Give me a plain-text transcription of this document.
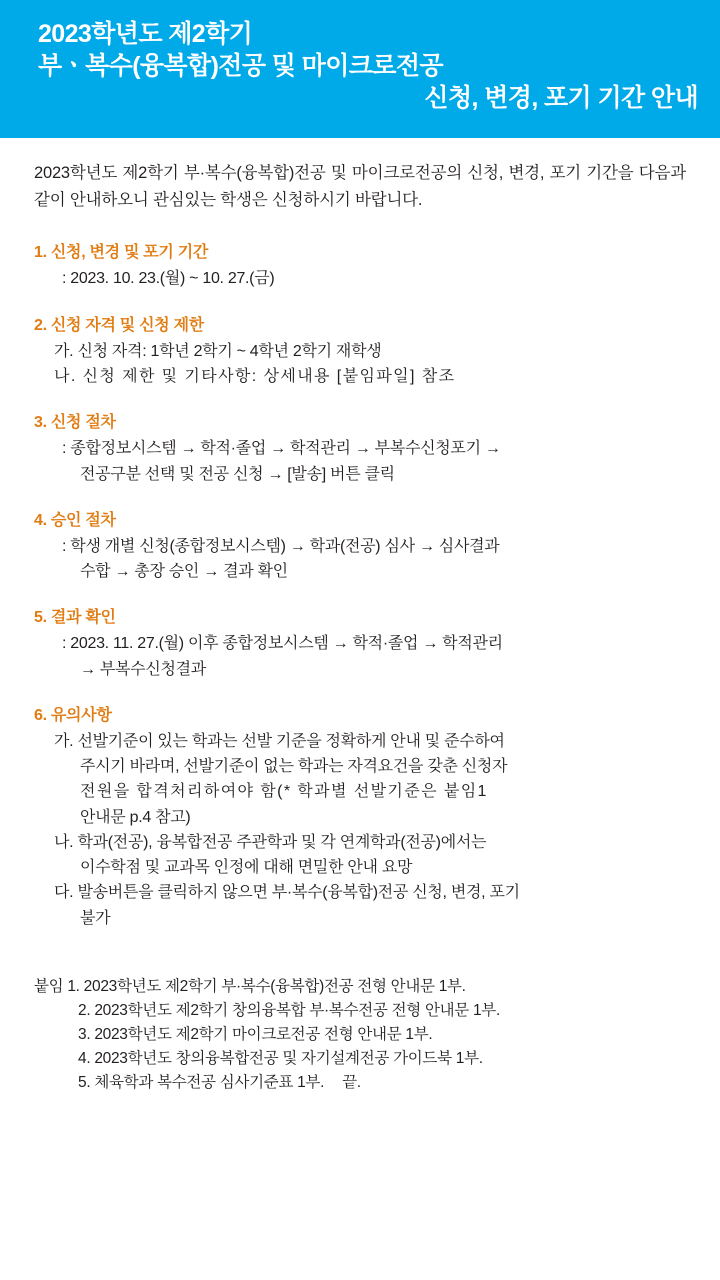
2023학년도 제2학기
부ㆍ복수(융복합)전공 및 마이크로전공
신청, 변경, 포기 기간 안내
2023학년도 제2학기 부·복수(융복합)전공 및 마이크로전공의 신청, 변경, 포기 기간을 다음과 같이 안내하오니 관심있는 학생은 신청하시기 바랍니다.
1. 신청, 변경 및 포기 기간
: 2023. 10. 23.(월) ~ 10. 27.(금)
2. 신청 자격 및 신청 제한
가. 신청 자격: 1학년 2학기 ~ 4학년 2학기 재학생
나. 신청 제한 및 기타사항: 상세내용 [붙임파일] 참조
3. 신청 절차
: 종합정보시스템 → 학적·졸업 → 학적관리 → 부복수신청포기 →
전공구분 선택 및 전공 신청 → [발송] 버튼 클릭
4. 승인 절차
: 학생 개별 신청(종합정보시스템) → 학과(전공) 심사 → 심사결과
수합 → 총장 승인 → 결과 확인
5. 결과 확인
: 2023. 11. 27.(월) 이후 종합정보시스템 → 학적·졸업 → 학적관리
→ 부복수신청결과
6. 유의사항
가. 선발기준이 있는 학과는 선발 기준을 정확하게 안내 및 준수하여
주시기 바라며, 선발기준이 없는 학과는 자격요건을 갖춘 신청자
전원을 합격처리하여야 함(* 학과별 선발기준은 붙임1
안내문 p.4 참고)
나. 학과(전공), 융복합전공 주관학과 및 각 연계학과(전공)에서는
이수학점 및 교과목 인정에 대해 면밀한 안내 요망
다. 발송버튼을 클릭하지 않으면 부·복수(융복합)전공 신청, 변경, 포기
불가
붙임 1. 2023학년도 제2학기 부·복수(융복합)전공 전형 안내문 1부.
2. 2023학년도 제2학기 창의융복합 부·복수전공 전형 안내문 1부.
3. 2023학년도 제2학기 마이크로전공 전형 안내문 1부.
4. 2023학년도 창의융복합전공 및 자기설계전공 가이드북 1부.
5. 체육학과 복수전공 심사기준표 1부. 끝.
